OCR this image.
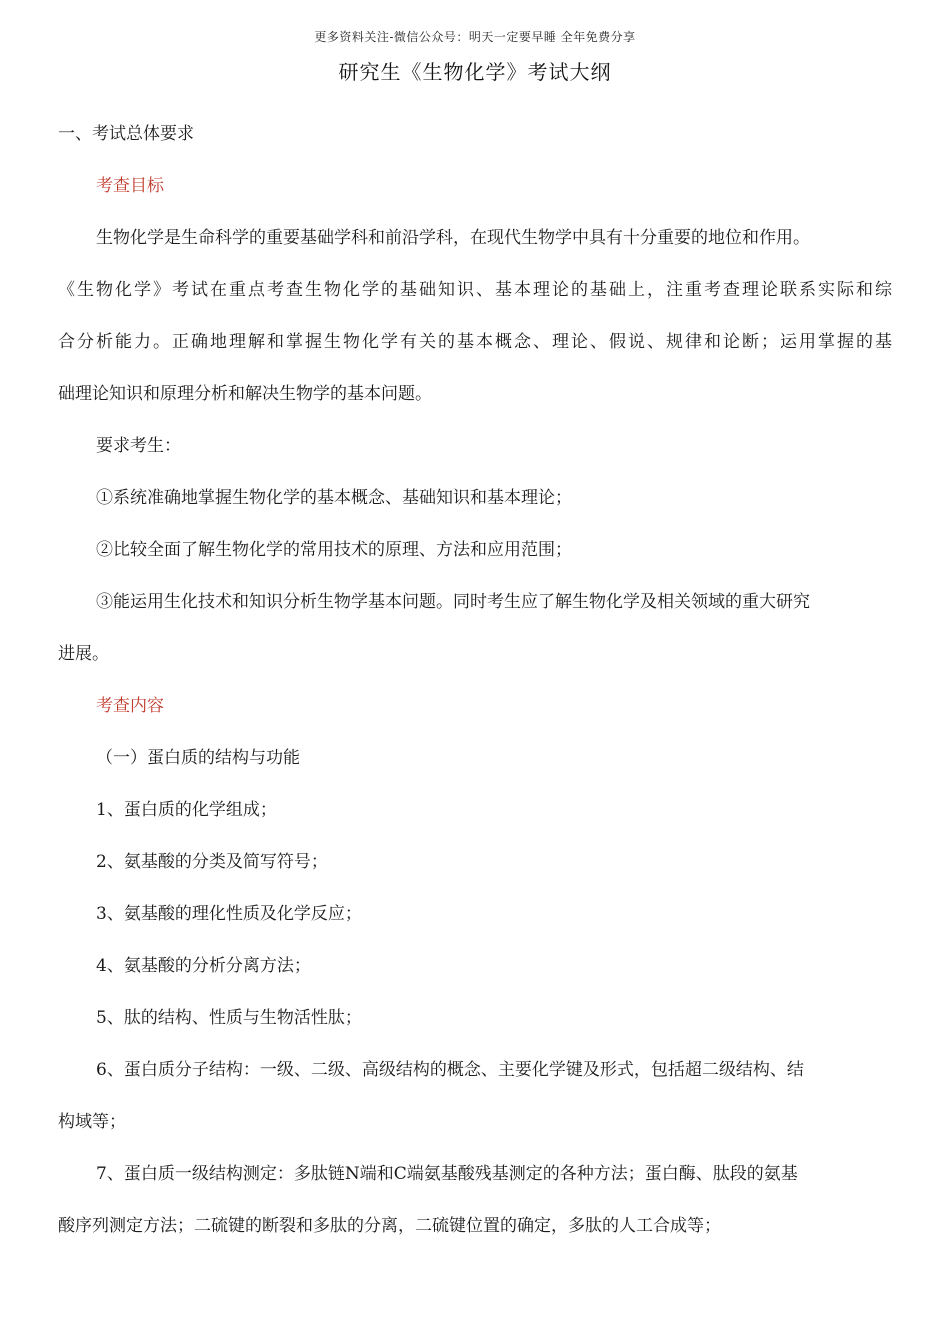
更多资料关注-微信公众号：明天一定要早睡 全年免费分享
研究生《生物化学》考试大纲
一、考试总体要求
考查目标
生物化学是生命科学的重要基础学科和前沿学科，在现代生物学中具有十分重要的地位和作用。
《生物化学》考试在重点考查生物化学的基础知识、基本理论的基础上，注重考查理论联系实际和综
合分析能力。正确地理解和掌握生物化学有关的基本概念、理论、假说、规律和论断；运用掌握的基
础理论知识和原理分析和解决生物学的基本问题。
要求考生：
①系统准确地掌握生物化学的基本概念、基础知识和基本理论；
②比较全面了解生物化学的常用技术的原理、方法和应用范围；
③能运用生化技术和知识分析生物学基本问题。同时考生应了解生物化学及相关领域的重大研究
进展。
考查内容
（一）蛋白质的结构与功能
1、蛋白质的化学组成；
2、氨基酸的分类及简写符号；
3、氨基酸的理化性质及化学反应；
4、氨基酸的分析分离方法；
5、肽的结构、性质与生物活性肽；
6、蛋白质分子结构：一级、二级、高级结构的概念、主要化学键及形式，包括超二级结构、结
构域等；
7、蛋白质一级结构测定：多肽链N端和C端氨基酸残基测定的各种方法；蛋白酶、肽段的氨基
酸序列测定方法；二硫键的断裂和多肽的分离，二硫键位置的确定，多肽的人工合成等；
